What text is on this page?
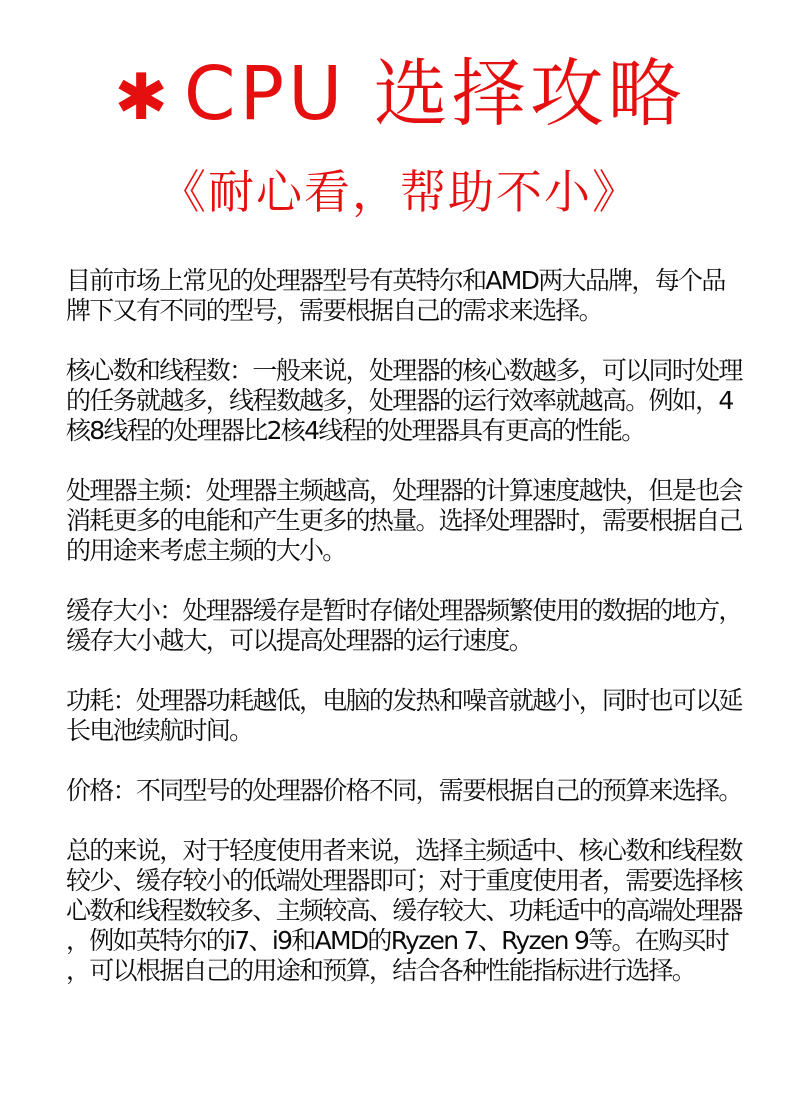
✱ CPU 选择攻略
《耐心看，帮助不小》

目前市场上常见的处理器型号有英特尔和AMD两大品牌，每个品牌下又有不同的型号，需要根据自己的需求来选择。

核心数和线程数：一般来说，处理器的核心数越多，可以同时处理的任务就越多，线程数越多，处理器的运行效率就越高。例如，4核8线程的处理器比2核4线程的处理器具有更高的性能。

处理器主频：处理器主频越高，处理器的计算速度越快，但是也会消耗更多的电能和产生更多的热量。选择处理器时，需要根据自己的用途来考虑主频的大小。

缓存大小：处理器缓存是暂时存储处理器频繁使用的数据的地方，缓存大小越大，可以提高处理器的运行速度。

功耗：处理器功耗越低，电脑的发热和噪音就越小，同时也可以延长电池续航时间。

价格：不同型号的处理器价格不同，需要根据自己的预算来选择。

总的来说，对于轻度使用者来说，选择主频适中、核心数和线程数较少、缓存较小的低端处理器即可；对于重度使用者，需要选择核心数和线程数较多、主频较高、缓存较大、功耗适中的高端处理器，例如英特尔的i7、i9和AMD的Ryzen 7、Ryzen 9等。在购买时，可以根据自己的用途和预算，结合各种性能指标进行选择。
